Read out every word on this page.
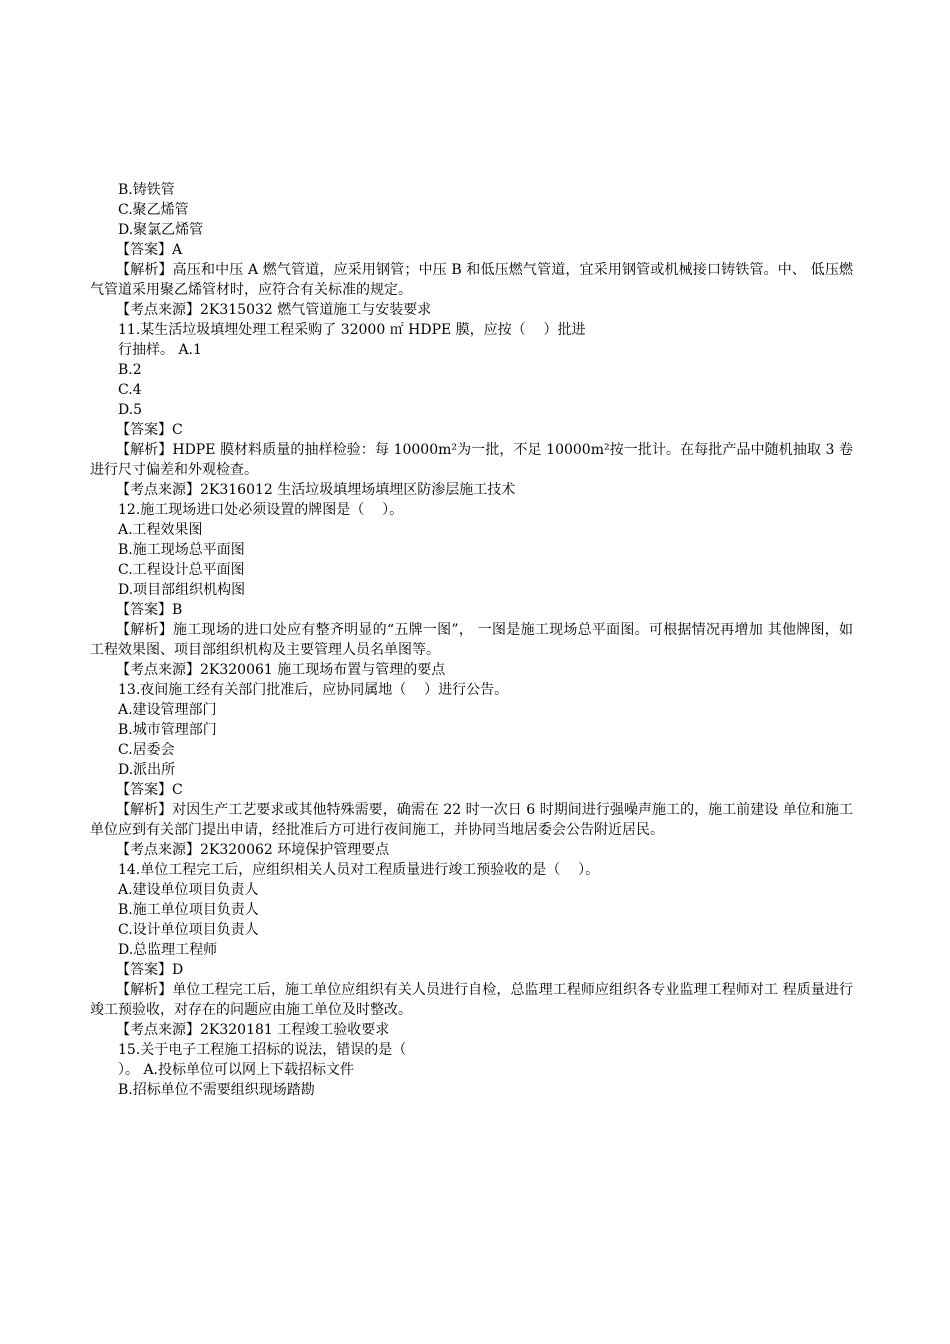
B.铸铁管
C.聚乙烯管
D.聚氯乙烯管
【答案】A
【解析】高压和中压 A 燃气管道，应采用钢管；中压 B 和低压燃气管道，宜采用钢管或机械接口铸铁管。中、 低压燃气管道采用聚乙烯管材时，应符合有关标准的规定。
【考点来源】2K315032 燃气管道施工与安装要求
11.某生活垃圾填埋处理工程采购了 32000 ㎡ HDPE 膜，应按（    ）批进
行抽样。 A.1
B.2
C.4
D.5
【答案】C
【解析】HDPE 膜材料质量的抽样检验：每 10000m²为一批，不足 10000m²按一批计。在每批产品中随机抽取 3 卷进行尺寸偏差和外观检查。
【考点来源】2K316012 生活垃圾填埋场填埋区防渗层施工技术
12.施工现场进口处必须设置的牌图是（    ）。
A.工程效果图
B.施工现场总平面图
C.工程设计总平面图
D.项目部组织机构图
【答案】B
【解析】施工现场的进口处应有整齐明显的“五牌一图”， 一图是施工现场总平面图。可根据情况再增加 其他牌图，如工程效果图、项目部组织机构及主要管理人员名单图等。
【考点来源】2K320061 施工现场布置与管理的要点
13.夜间施工经有关部门批准后，应协同属地（    ）进行公告。
A.建设管理部门
B.城市管理部门
C.居委会
D.派出所
【答案】C
【解析】对因生产工艺要求或其他特殊需要，确需在 22 时一次日 6 时期间进行强噪声施工的，施工前建设 单位和施工单位应到有关部门提出申请，经批准后方可进行夜间施工，并协同当地居委会公告附近居民。
【考点来源】2K320062 环境保护管理要点
14.单位工程完工后，应组织相关人员对工程质量进行竣工预验收的是（    ）。
A.建设单位项目负责人
B.施工单位项目负责人
C.设计单位项目负责人
D.总监理工程师
【答案】D
【解析】单位工程完工后，施工单位应组织有关人员进行自检，总监理工程师应组织各专业监理工程师对工 程质量进行竣工预验收，对存在的问题应由施工单位及时整改。
【考点来源】2K320181 工程竣工验收要求
15.关于电子工程施工招标的说法，错误的是（
）。 A.投标单位可以网上下载招标文件
B.招标单位不需要组织现场踏勘
